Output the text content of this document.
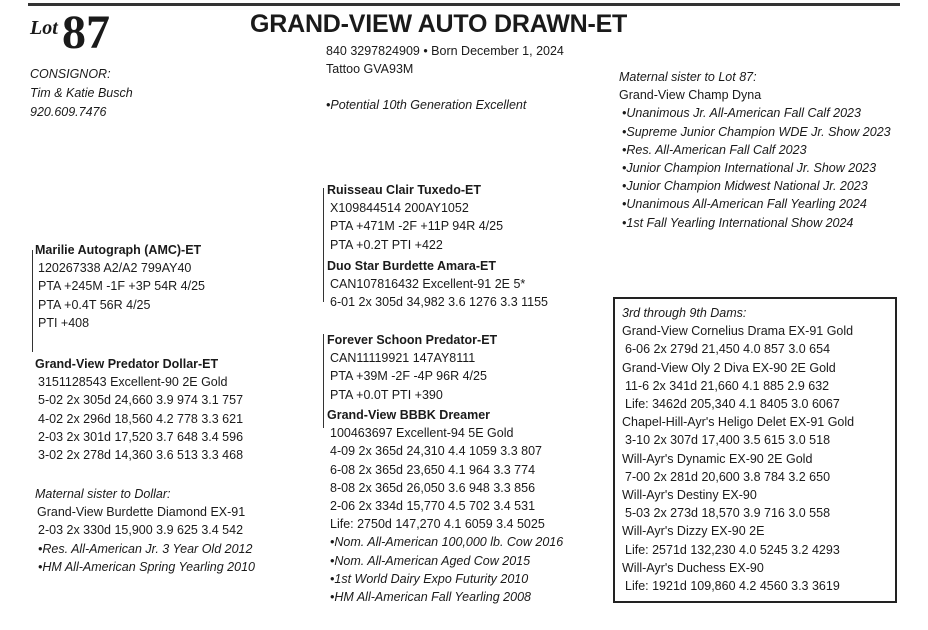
Lot 87	GRAND-VIEW AUTO DRAWN-ET
840 3297824909 • Born December 1, 2024
Tattoo GVA93M
•Potential 10th Generation Excellent
CONSIGNOR:
Tim & Katie Busch
920.609.7476
Maternal sister to Lot 87:
Grand-View Champ Dyna
•Unanimous Jr. All-American Fall Calf 2023
•Supreme Junior Champion WDE Jr. Show 2023
•Res. All-American Fall Calf 2023
•Junior Champion International Jr. Show 2023
•Junior Champion Midwest National Jr. 2023
•Unanimous All-American Fall Yearling 2024
•1st Fall Yearling International Show 2024
Ruisseau Clair Tuxedo-ET
X109844514 200AY1052
PTA +471M -2F +11P 94R 4/25
PTA +0.2T PTI +422
Duo Star Burdette Amara-ET
CAN107816432 Excellent-91 2E 5*
6-01 2x 305d 34,982 3.6 1276 3.3 1155
Marilie Autograph (AMC)-ET
120267338 A2/A2 799AY40
PTA +245M -1F +3P 54R 4/25
PTA +0.4T 56R 4/25
PTI +408
Grand-View Predator Dollar-ET
3151128543 Excellent-90 2E Gold
5-02 2x 305d 24,660 3.9 974 3.1 757
4-02 2x 296d 18,560 4.2 778 3.3 621
2-03 2x 301d 17,520 3.7 648 3.4 596
3-02 2x 278d 14,360 3.6 513 3.3 468
Maternal sister to Dollar:
Grand-View Burdette Diamond EX-91
2-03 2x 330d 15,900 3.9 625 3.4 542
•Res. All-American Jr. 3 Year Old 2012
•HM All-American Spring Yearling 2010
Forever Schoon Predator-ET
CAN11119921 147AY8111
PTA +39M -2F -4P 96R 4/25
PTA +0.0T PTI +390
Grand-View BBBK Dreamer
100463697 Excellent-94 5E Gold
4-09 2x 365d 24,310 4.4 1059 3.3 807
6-08 2x 365d 23,650 4.1 964 3.3 774
8-08 2x 365d 26,050 3.6 948 3.3 856
2-06 2x 334d 15,770 4.5 702 3.4 531
Life: 2750d 147,270 4.1 6059 3.4 5025
•Nom. All-American 100,000 lb. Cow 2016
•Nom. All-American Aged Cow 2015
•1st World Dairy Expo Futurity 2010
•HM All-American Fall Yearling 2008
3rd through 9th Dams:
Grand-View Cornelius Drama EX-91 Gold
6-06 2x 279d 21,450 4.0 857 3.0 654
Grand-View Oly 2 Diva EX-90 2E Gold
11-6 2x 341d 21,660 4.1 885 2.9 632
Life: 3462d 205,340 4.1 8405 3.0 6067
Chapel-Hill-Ayr's Heligo Delet EX-91 Gold
3-10 2x 307d 17,400 3.5 615 3.0 518
Will-Ayr's Dynamic EX-90 2E Gold
7-00 2x 281d 20,600 3.8 784 3.2 650
Will-Ayr's Destiny EX-90
5-03 2x 273d 18,570 3.9 716 3.0 558
Will-Ayr's Dizzy EX-90 2E
Life: 2571d 132,230 4.0 5245 3.2 4293
Will-Ayr's Duchess EX-90
Life: 1921d 109,860 4.2 4560 3.3 3619
